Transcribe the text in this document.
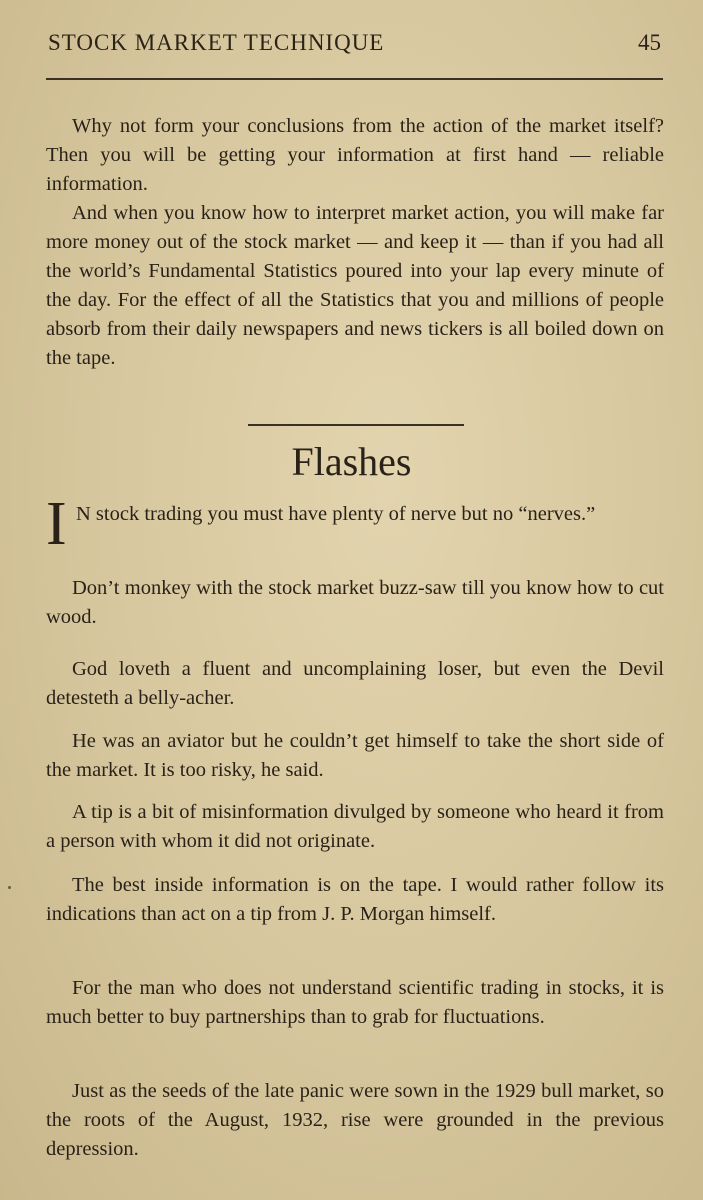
STOCK MARKET TECHNIQUE	45

Why not form your conclusions from the action of the market itself? Then you will be getting your information at first hand — reliable information.

And when you know how to interpret market action, you will make far more money out of the stock market — and keep it — than if you had all the world’s Fundamental Statistics poured into your lap every minute of the day. For the effect of all the Statistics that you and millions of people absorb from their daily newspapers and news tickers is all boiled down on the tape.

Flashes
I N stock trading you must have plenty of nerve but no “nerves.”

Don’t monkey with the stock market buzz-saw till you know how to cut wood.

God loveth a fluent and uncomplaining loser, but even the Devil detesteth a belly-acher.

He was an aviator but he couldn’t get himself to take the short side of the market. It is too risky, he said.

A tip is a bit of misinformation divulged by someone who heard it from a person with whom it did not originate.

The best inside information is on the tape. I would rather follow its indications than act on a tip from J. P. Morgan himself.

For the man who does not understand scientific trading in stocks, it is much better to buy partnerships than to grab for fluctuations.

Just as the seeds of the late panic were sown in the 1929 bull market, so the roots of the August, 1932, rise were grounded in the previous depression.
